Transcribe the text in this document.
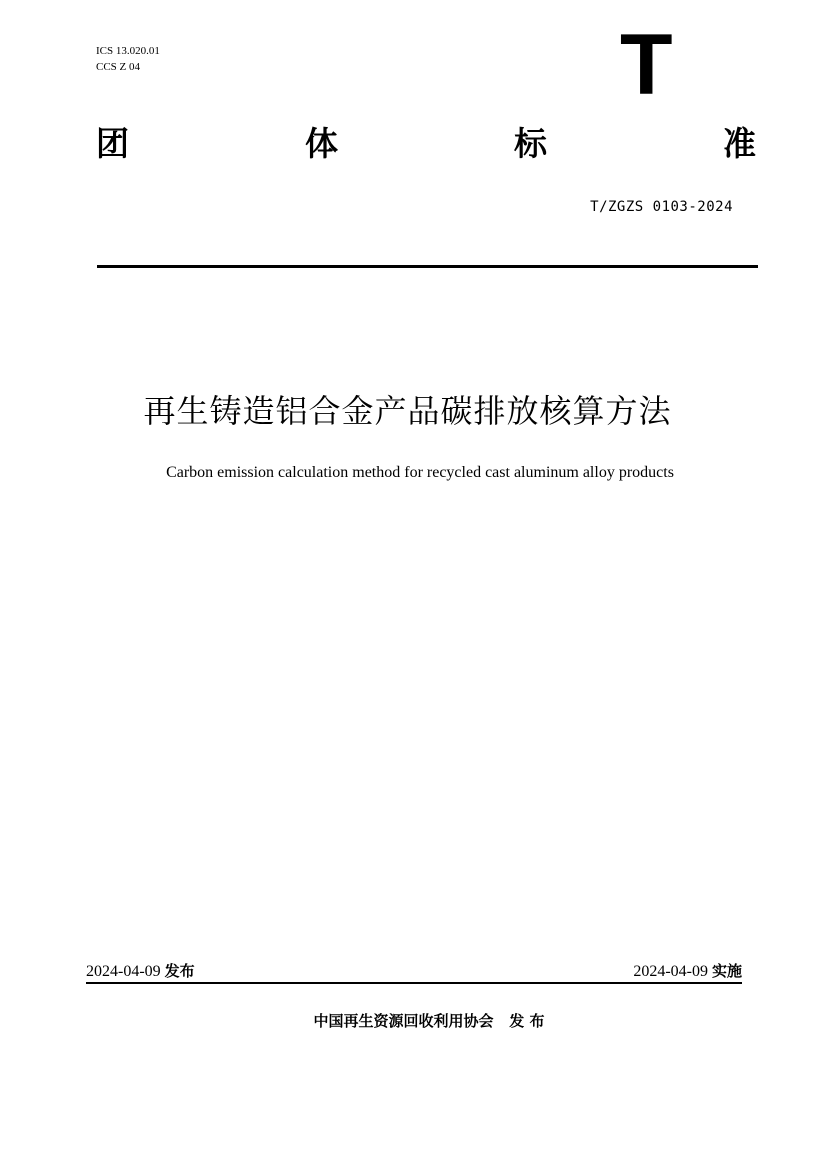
ICS 13.020.01
CCS Z 04	T
团	体	标	准
T/ZGZS 0103-2024
再生铸造铝合金产品碳排放核算方法
Carbon emission calculation method for recycled cast aluminum alloy products
2024-04-09 发布	2024-04-09 实施
中国再生资源回收利用协会 发 布
